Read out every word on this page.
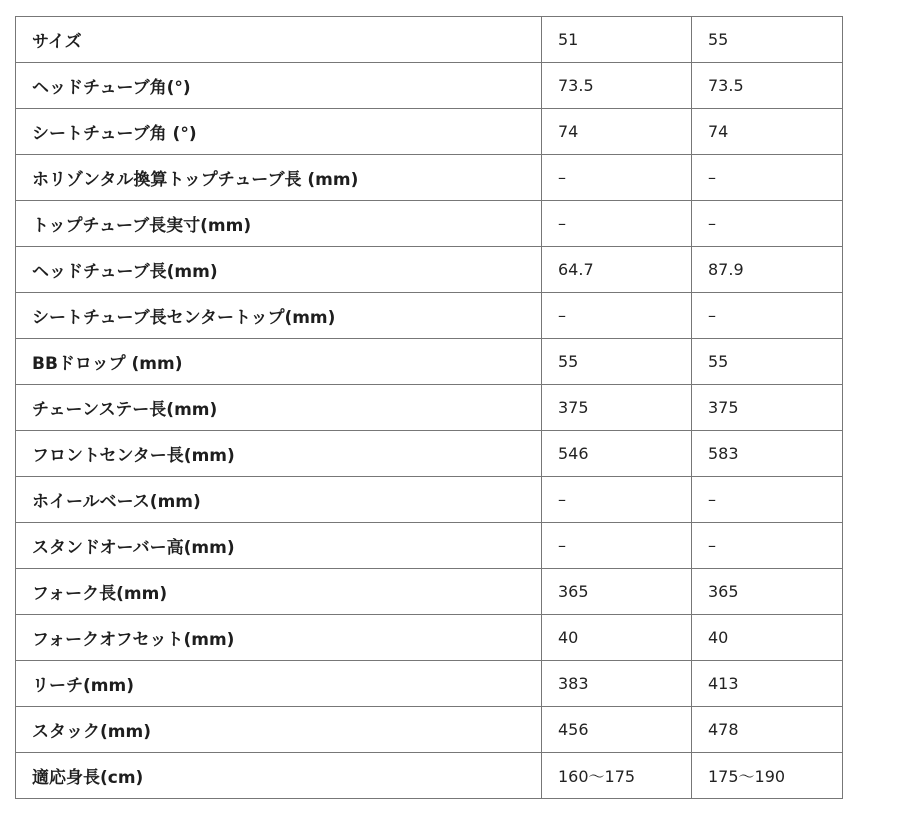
サイズ	51	55
ヘッドチューブ角(°)	73.5	73.5
シートチューブ角 (°)	74	74
ホリゾンタル換算トップチューブ長 (mm)	–	–
トップチューブ長実寸(mm)	–	–
ヘッドチューブ長(mm)	64.7	87.9
シートチューブ長センタートップ(mm)	–	–
BBドロップ (mm)	55	55
チェーンステー長(mm)	375	375
フロントセンター長(mm)	546	583
ホイールベース(mm)	–	–
スタンドオーバー高(mm)	–	–
フォーク長(mm)	365	365
フォークオフセット(mm)	40	40
リーチ(mm)	383	413
スタック(mm)	456	478
適応身長(cm)	160〜175	175〜190
